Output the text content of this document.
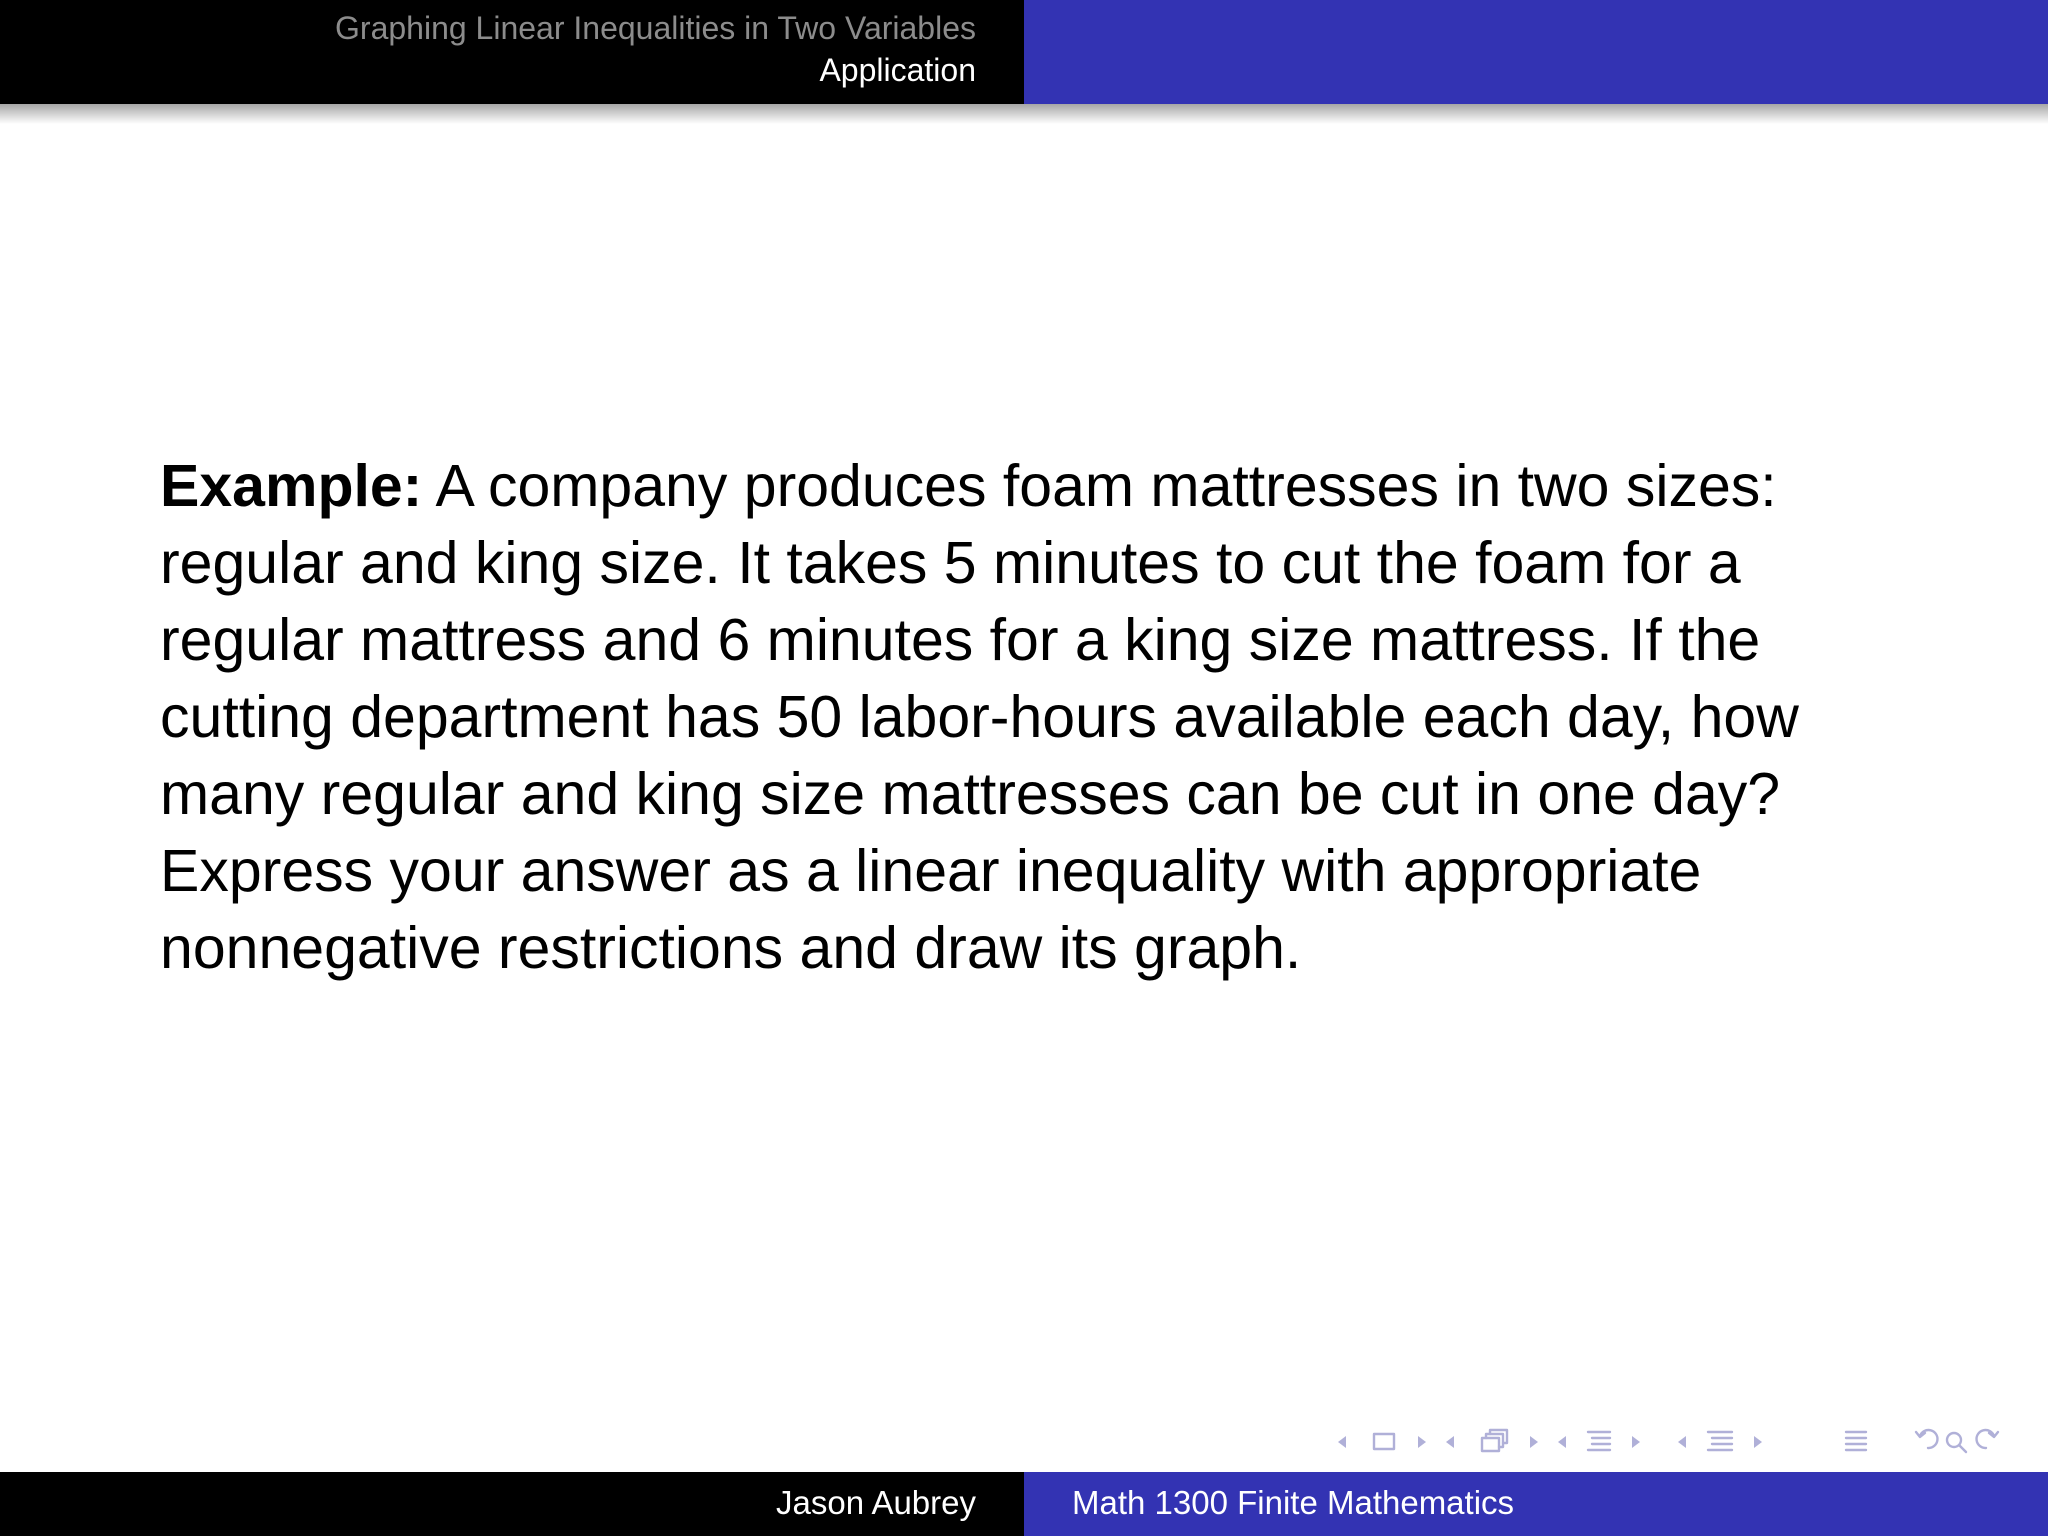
Graphing Linear Inequalities in Two Variables
Application
Example: A company produces foam mattresses in two sizes: regular and king size. It takes 5 minutes to cut the foam for a regular mattress and 6 minutes for a king size mattress. If the cutting department has 50 labor-hours available each day, how many regular and king size mattresses can be cut in one day? Express your answer as a linear inequality with appropriate nonnegative restrictions and draw its graph.
Jason Aubrey	Math 1300 Finite Mathematics
